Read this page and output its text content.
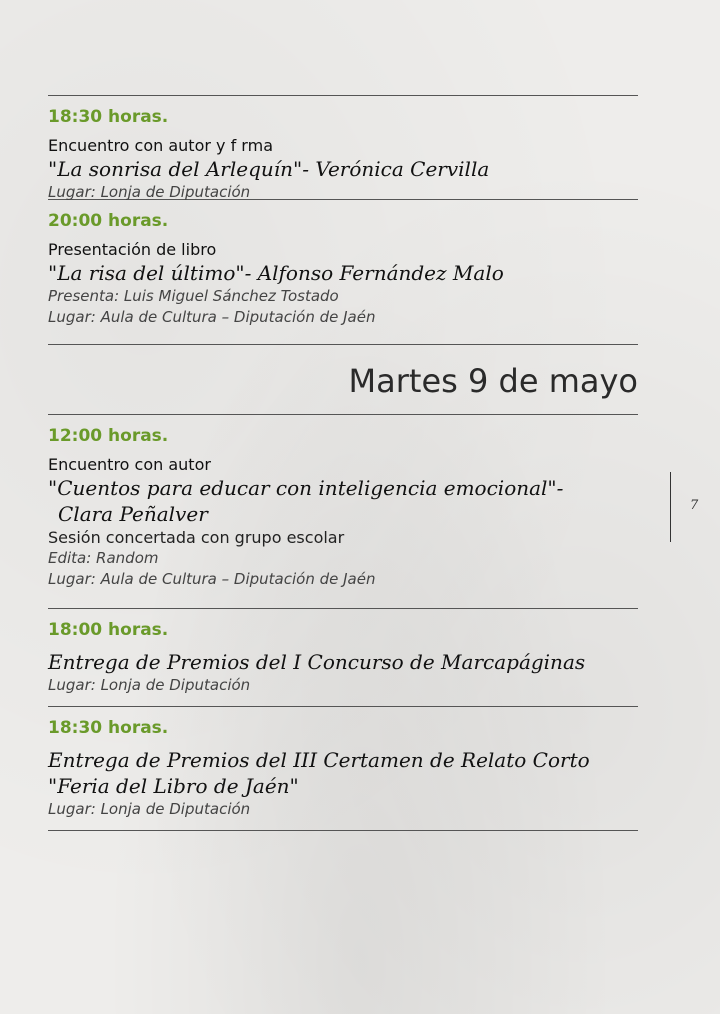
18:30 horas.
Encuentro con autor y f rma
"La sonrisa del Arlequín"- Verónica Cervilla
Lugar: Lonja de Diputación
20:00 horas.
Presentación de libro
"La risa del último"- Alfonso Fernández Malo
Presenta: Luis Miguel Sánchez Tostado
Lugar: Aula de Cultura – Diputación de Jaén
Martes 9 de mayo
12:00 horas.
Encuentro con autor
"Cuentos para educar con inteligencia emocional"-
Clara Peñalver
Sesión concertada con grupo escolar
Edita: Random
Lugar: Aula de Cultura – Diputación de Jaén
18:00 horas.
Entrega de Premios del I Concurso de Marcapáginas
Lugar: Lonja de Diputación
18:30 horas.
Entrega de Premios del III Certamen de Relato Corto
"Feria del Libro de Jaén"
Lugar: Lonja de Diputación
7
